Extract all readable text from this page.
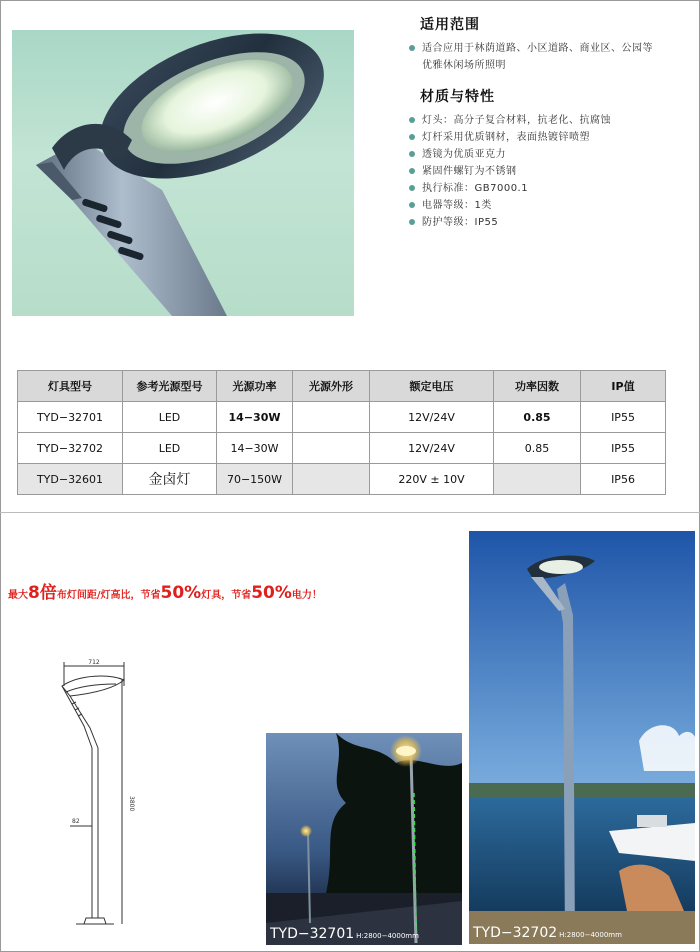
适用范围
适合应用于林荫道路、小区道路、商业区、公园等
优雅休闲场所照明
材质与特性
灯头：高分子复合材料，抗老化、抗腐蚀
灯杆采用优质钢材，表面热镀锌喷塑
透镜为优质亚克力
紧固件螺钉为不锈钢
执行标准：GB7000.1
电器等级：1类
防护等级：IP55
灯具型号	参考光源型号	光源功率	光源外形	额定电压	功率因数	IP值
TYD−32701	LED	14−30W		12V/24V	0.85	IP55
TYD−32702	LED	14−30W		12V/24V	0.85	IP55
TYD−32601	金卤灯	70−150W		220V ± 10V		IP56
最大8倍布灯间距/灯高比，节省50%灯具，节省50%电力！
712
3800
82
TYD−32701 H:2800−4000mm	TYD−32702 H:2800−4000mm
